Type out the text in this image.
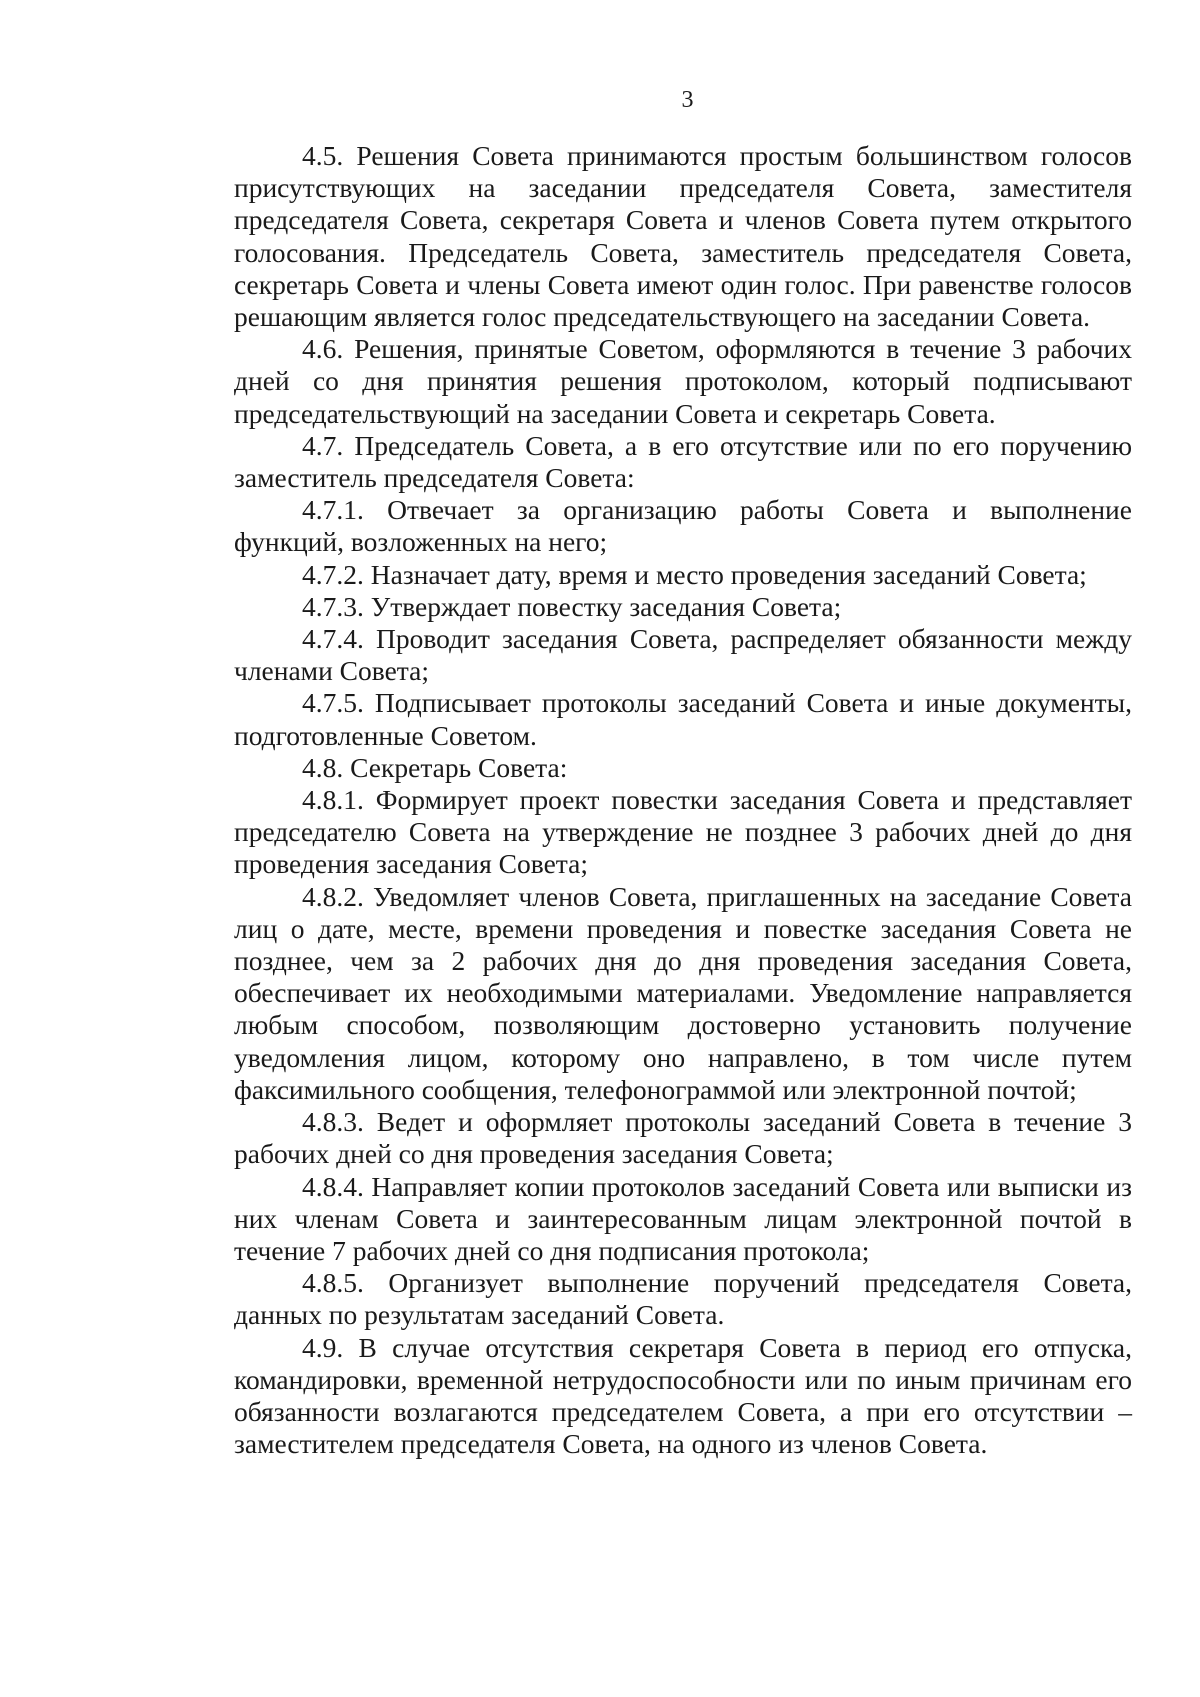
3

4.5. Решения Совета принимаются простым большинством голосов присутствующих на заседании председателя Совета, заместителя председателя Совета, секретаря Совета и членов Совета путем открытого голосования. Председатель Совета, заместитель председателя Совета, секретарь Совета и члены Совета имеют один голос. При равенстве голосов решающим является голос председательствующего на заседании Совета.

4.6. Решения, принятые Советом, оформляются в течение 3 рабочих дней со дня принятия решения протоколом, который подписывают председательствующий на заседании Совета и секретарь Совета.

4.7. Председатель Совета, а в его отсутствие или по его поручению заместитель председателя Совета:

4.7.1. Отвечает за организацию работы Совета и выполнение функций, возложенных на него;

4.7.2. Назначает дату, время и место проведения заседаний Совета;

4.7.3. Утверждает повестку заседания Совета;

4.7.4. Проводит заседания Совета, распределяет обязанности между членами Совета;

4.7.5. Подписывает протоколы заседаний Совета и иные документы, подготовленные Советом.

4.8. Секретарь Совета:

4.8.1. Формирует проект повестки заседания Совета и представляет председателю Совета на утверждение не позднее 3 рабочих дней до дня проведения заседания Совета;

4.8.2. Уведомляет членов Совета, приглашенных на заседание Совета лиц о дате, месте, времени проведения и повестке заседания Совета не позднее, чем за 2 рабочих дня до дня проведения заседания Совета, обеспечивает их необходимыми материалами. Уведомление направляется любым способом, позволяющим достоверно установить получение уведомления лицом, которому оно направлено, в том числе путем факсимильного сообщения, телефонограммой или электронной почтой;

4.8.3. Ведет и оформляет протоколы заседаний Совета в течение 3 рабочих дней со дня проведения заседания Совета;

4.8.4. Направляет копии протоколов заседаний Совета или выписки из них членам Совета и заинтересованным лицам электронной почтой в течение 7 рабочих дней со дня подписания протокола;

4.8.5. Организует выполнение поручений председателя Совета, данных по результатам заседаний Совета.

4.9. В случае отсутствия секретаря Совета в период его отпуска, командировки, временной нетрудоспособности или по иным причинам его обязанности возлагаются председателем Совета, а при его отсутствии – заместителем председателя Совета, на одного из членов Совета.
